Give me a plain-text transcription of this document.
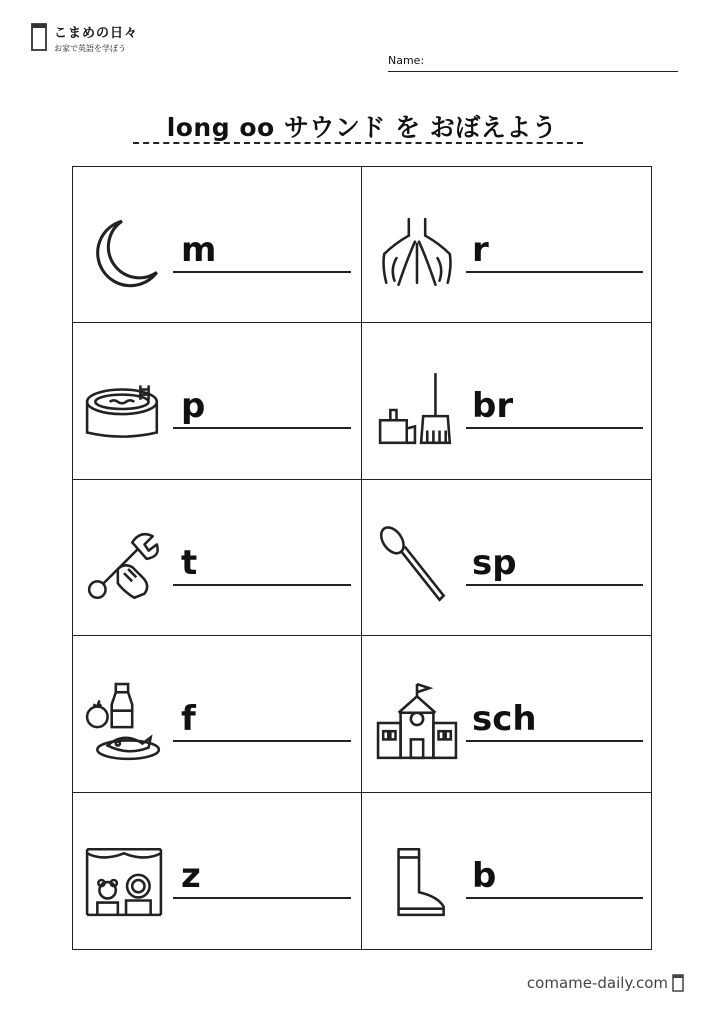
こまめの日々
お家で英語を学ぼう
Name:
long oo サウンド を おぼえよう
m	r
p	br
t	sp
f	sch
z	b
comame-daily.com
